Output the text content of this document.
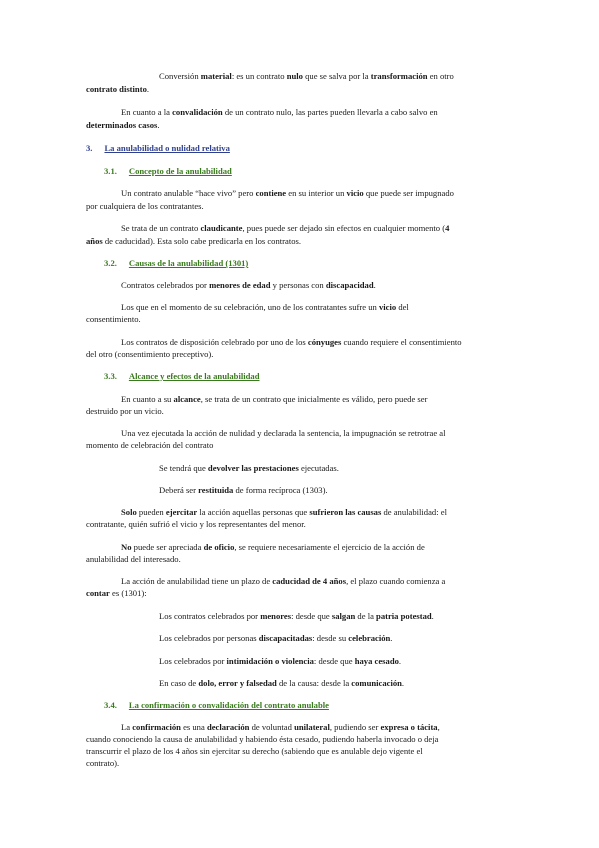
Conversión material: es un contrato nulo que se salva por la transformación en otro
contrato distinto.
En cuanto a la convalidación de un contrato nulo, las partes pueden llevarla a cabo salvo en
determinados casos.
3. La anulabilidad o nulidad relativa
3.1. Concepto de la anulabilidad
Un contrato anulable “hace vivo” pero contiene en su interior un vicio que puede ser impugnado
por cualquiera de los contratantes.
Se trata de un contrato claudicante, pues puede ser dejado sin efectos en cualquier momento (4
años de caducidad). Esta solo cabe predicarla en los contratos.
3.2. Causas de la anulabilidad (1301)
Contratos celebrados por menores de edad y personas con discapacidad.
Los que en el momento de su celebración, uno de los contratantes sufre un vicio del
consentimiento.
Los contratos de disposición celebrado por uno de los cónyuges cuando requiere el consentimiento
del otro (consentimiento preceptivo).
3.3. Alcance y efectos de la anulabilidad
En cuanto a su alcance, se trata de un contrato que inicialmente es válido, pero puede ser
destruido por un vicio.
Una vez ejecutada la acción de nulidad y declarada la sentencia, la impugnación se retrotrae al
momento de celebración del contrato
Se tendrá que devolver las prestaciones ejecutadas.
Deberá ser restituida de forma recíproca (1303).
Solo pueden ejercitar la acción aquellas personas que sufrieron las causas de anulabilidad: el
contratante, quién sufrió el vicio y los representantes del menor.
No puede ser apreciada de oficio, se requiere necesariamente el ejercicio de la acción de
anulabilidad del interesado.
La acción de anulabilidad tiene un plazo de caducidad de 4 años, el plazo cuando comienza a
contar es (1301):
Los contratos celebrados por menores: desde que salgan de la patria potestad.
Los celebrados por personas discapacitadas: desde su celebración.
Los celebrados por intimidación o violencia: desde que haya cesado.
En caso de dolo, error y falsedad de la causa: desde la comunicación.
3.4. La confirmación o convalidación del contrato anulable
La confirmación es una declaración de voluntad unilateral, pudiendo ser expresa o tácita,
cuando conociendo la causa de anulabilidad y habiendo ésta cesado, pudiendo haberla invocado o deja
transcurrir el plazo de los 4 años sin ejercitar su derecho (sabiendo que es anulable dejo vigente el
contrato).
